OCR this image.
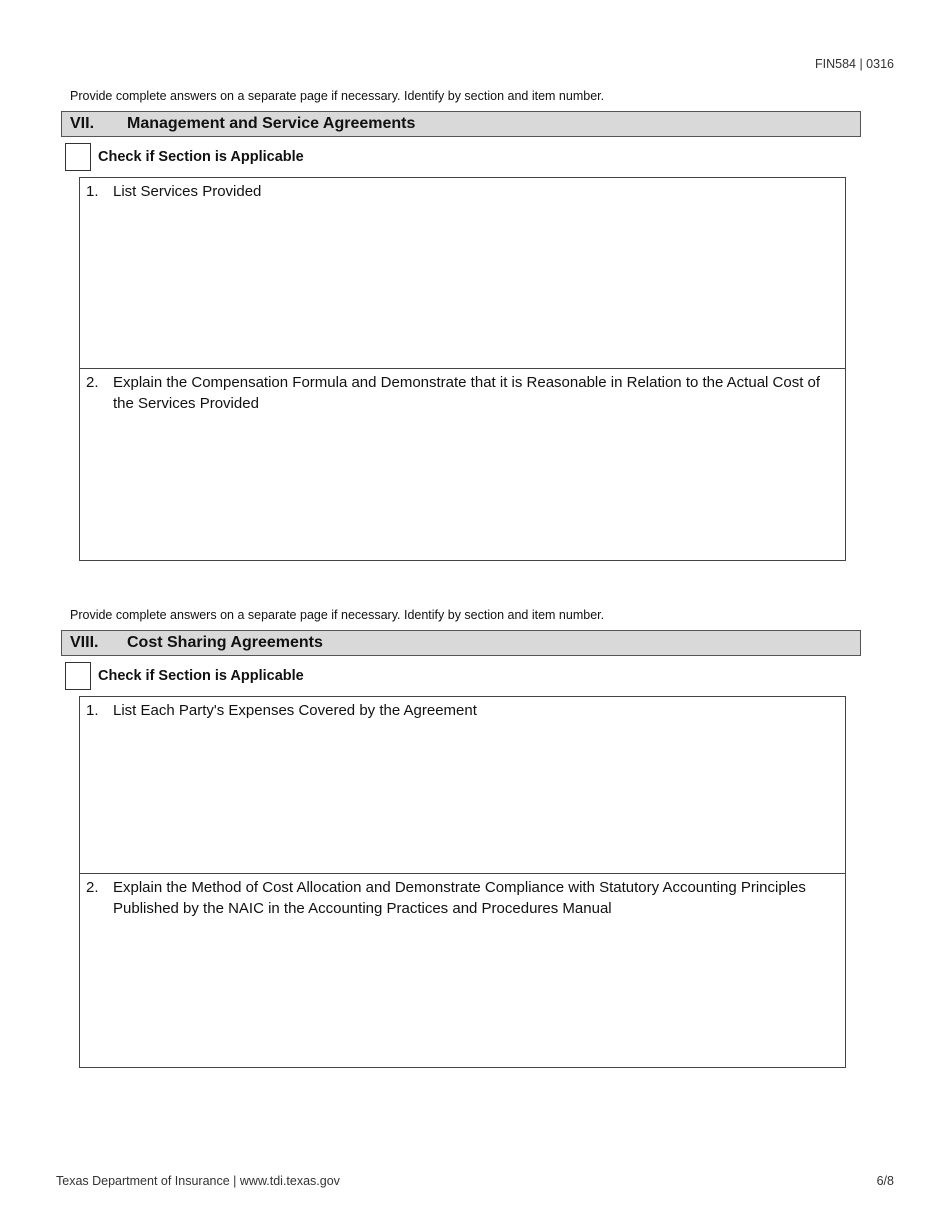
FIN584 | 0316
Provide complete answers on a separate page if necessary. Identify by section and item number.
VII.	Management and Service Agreements
Check if Section is Applicable
1. List Services Provided
2. Explain the Compensation Formula and Demonstrate that it is Reasonable in Relation to the Actual Cost of the Services Provided
Provide complete answers on a separate page if necessary. Identify by section and item number.
VIII.	Cost Sharing Agreements
Check if Section is Applicable
1. List Each Party's Expenses Covered by the Agreement
2. Explain the Method of Cost Allocation and Demonstrate Compliance with Statutory Accounting Principles Published by the NAIC in the Accounting Practices and Procedures Manual
Texas Department of Insurance | www.tdi.texas.gov	6/8
